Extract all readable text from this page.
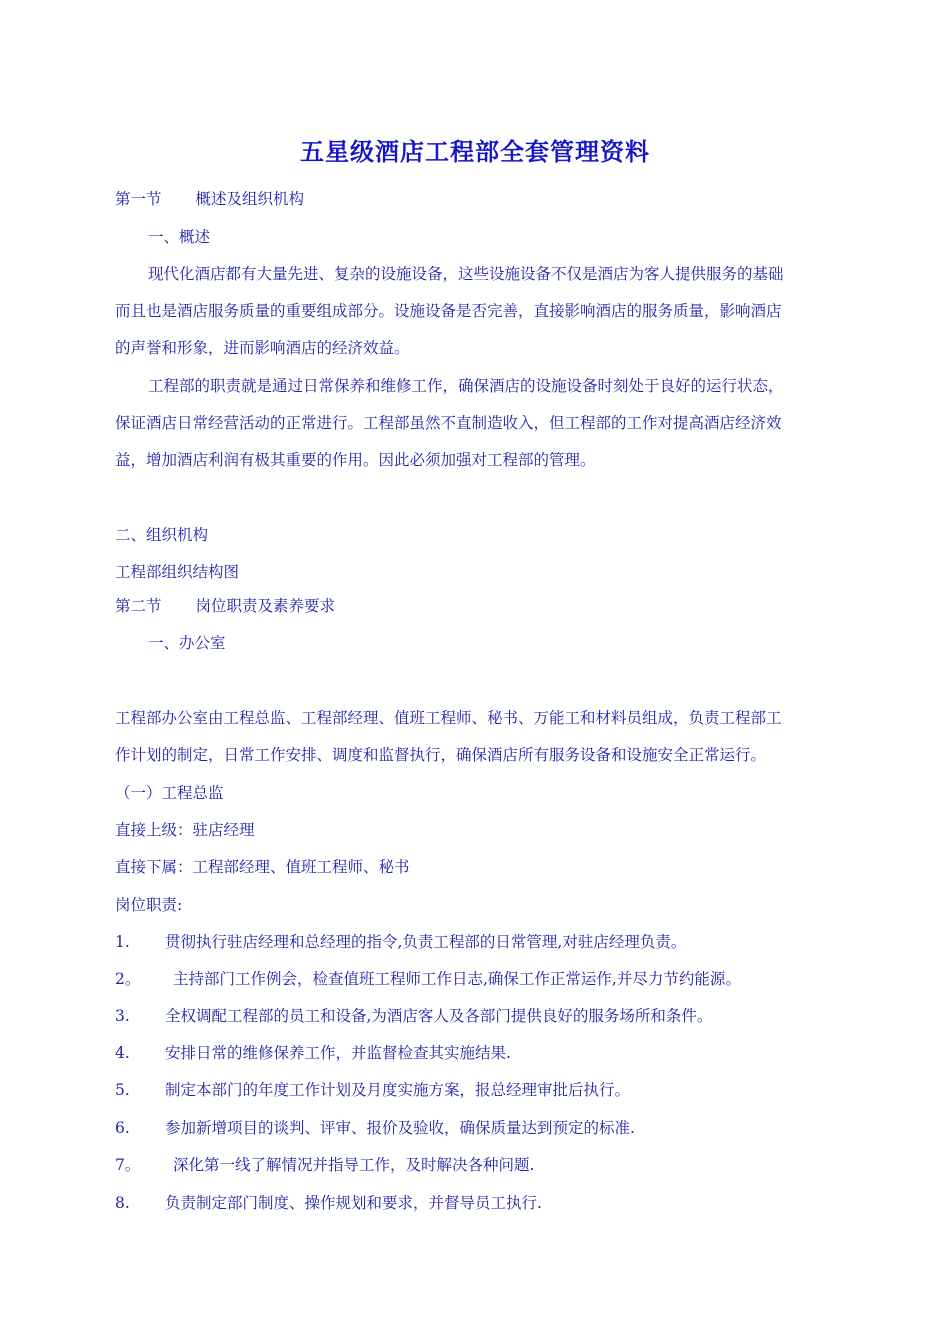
五星级酒店工程部全套管理资料
第一节 概述及组织机构
一、概述
现代化酒店都有大量先进、复杂的设施设备，这些设施设备不仅是酒店为客人提供服务的基础
而且也是酒店服务质量的重要组成部分。设施设备是否完善，直接影响酒店的服务质量，影响酒店
的声誉和形象，进而影响酒店的经济效益。
工程部的职责就是通过日常保养和维修工作，确保酒店的设施设备时刻处于良好的运行状态，
保证酒店日常经营活动的正常进行。工程部虽然不直制造收入，但工程部的工作对提高酒店经济效
益，增加酒店利润有极其重要的作用。因此必须加强对工程部的管理。
二、组织机构
工程部组织结构图
第二节 岗位职责及素养要求
一、办公室
工程部办公室由工程总监、工程部经理、值班工程师、秘书、万能工和材料员组成，负责工程部工
作计划的制定，日常工作安排、调度和监督执行，确保酒店所有服务设备和设施安全正常运行。
（一）工程总监
直接上级：驻店经理
直接下属：工程部经理、值班工程师、秘书
岗位职责:
1. 贯彻执行驻店经理和总经理的指令,负责工程部的日常管理,对驻店经理负责。
2。 主持部门工作例会，检查值班工程师工作日志,确保工作正常运作,并尽力节约能源。
3. 全权调配工程部的员工和设备,为酒店客人及各部门提供良好的服务场所和条件。
4. 安排日常的维修保养工作，并监督检查其实施结果.
5. 制定本部门的年度工作计划及月度实施方案，报总经理审批后执行。
6. 参加新增项目的谈判、评审、报价及验收，确保质量达到预定的标准.
7。 深化第一线了解情况并指导工作，及时解决各种问题.
8. 负责制定部门制度、操作规划和要求，并督导员工执行.
